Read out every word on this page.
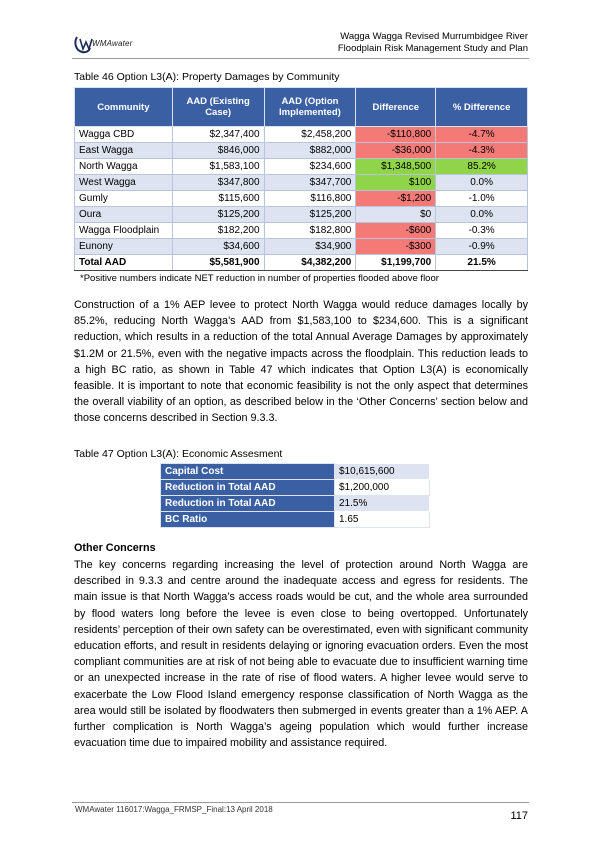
WMAwater
Wagga Wagga Revised Murrumbidgee River
Floodplain Risk Management Study and Plan
Table 46 Option L3(A): Property Damages by Community
Community	AAD (Existing Case)	AAD (Option Implemented)	Difference	% Difference
Wagga CBD	$2,347,400	$2,458,200	-$110,800	-4.7%
East Wagga	$846,000	$882,000	-$36,000	-4.3%
North Wagga	$1,583,100	$234,600	$1,348,500	85.2%
West Wagga	$347,800	$347,700	$100	0.0%
Gumly	$115,600	$116,800	-$1,200	-1.0%
Oura	$125,200	$125,200	$0	0.0%
Wagga Floodplain	$182,200	$182,800	-$600	-0.3%
Eunony	$34,600	$34,900	-$300	-0.9%
Total AAD	$5,581,900	$4,382,200	$1,199,700	21.5%
*Positive numbers indicate NET reduction in number of properties flooded above floor

Construction of a 1% AEP levee to protect North Wagga would reduce damages locally by 85.2%, reducing North Wagga’s AAD from $1,583,100 to $234,600. This is a significant reduction, which results in a reduction of the total Annual Average Damages by approximately $1.2M or 21.5%, even with the negative impacts across the floodplain. This reduction leads to a high BC ratio, as shown in Table 47 which indicates that Option L3(A) is economically feasible. It is important to note that economic feasibility is not the only aspect that determines the overall viability of an option, as described below in the ‘Other Concerns’ section below and those concerns described in Section 9.3.3.

Table 47 Option L3(A): Economic Assesment
Capital Cost	$10,615,600
Reduction in Total AAD	$1,200,000
Reduction in Total AAD	21.5%
BC Ratio	1.65
Other Concerns

The key concerns regarding increasing the level of protection around North Wagga are described in 9.3.3 and centre around the inadequate access and egress for residents. The main issue is that North Wagga’s access roads would be cut, and the whole area surrounded by flood waters long before the levee is even close to being overtopped. Unfortunately residents’ perception of their own safety can be overestimated, even with significant community education efforts, and result in residents delaying or ignoring evacuation orders. Even the most compliant communities are at risk of not being able to evacuate due to insufficient warning time or an unexpected increase in the rate of rise of flood waters. A higher levee would serve to exacerbate the Low Flood Island emergency response classification of North Wagga as the area would still be isolated by floodwaters then submerged in events greater than a 1% AEP. A further complication is North Wagga’s ageing population which would further increase evacuation time due to impaired mobility and assistance required.

WMAwater 116017:Wagga_FRMSP_Final:13 April 2018
117
